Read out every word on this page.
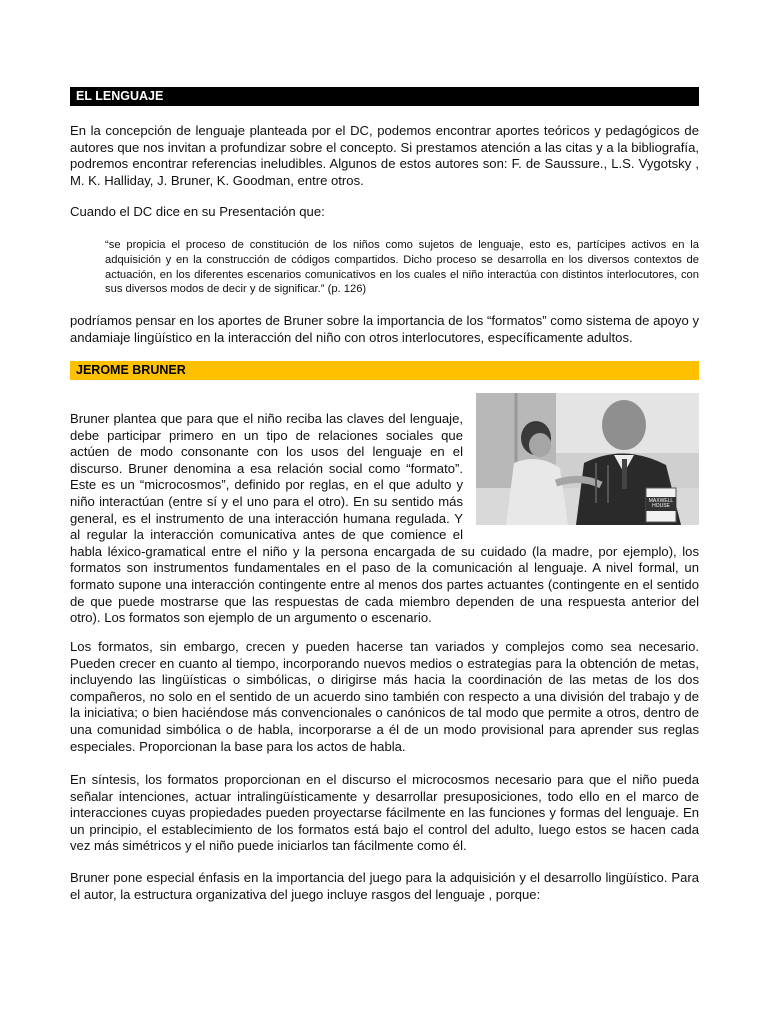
EL LENGUAJE

En la concepción de lenguaje planteada por el DC, podemos encontrar aportes teóricos y pedagógicos de autores que nos invitan a profundizar sobre el concepto. Si prestamos atención a las citas y a la bibliografía, podremos encontrar referencias ineludibles. Algunos de estos autores son: F. de Saussure., L.S. Vygotsky , M. K. Halliday, J. Bruner, K. Goodman, entre otros.

Cuando el DC dice en su Presentación que:

“se propicia el proceso de constitución de los niños como sujetos de lenguaje, esto es, partícipes activos en la adquisición y en la construcción de códigos compartidos. Dicho proceso se desarrolla en los diversos contextos de actuación, en los diferentes escenarios comunicativos en los cuales el niño interactúa con distintos interlocutores, con sus diversos modos de decir y de significar.” (p. 126)

podríamos pensar en los aportes de Bruner sobre la importancia de los “formatos” como sistema de apoyo y andamiaje lingüístico en la interacción del niño con otros interlocutores, específicamente adultos.

JEROME BRUNER
MAXWELL HOUSE

Bruner plantea que para que el niño reciba las claves del lenguaje, debe participar primero en un tipo de relaciones sociales que actúen de modo consonante con los usos del lenguaje en el discurso. Bruner denomina a esa relación social como “formato”. Este es un “microcosmos”, definido por reglas, en el que adulto y niño interactúan (entre sí y el uno para el otro). En su sentido más general, es el instrumento de una interacción humana regulada. Y al regular la interacción comunicativa antes de que comience el habla léxico-gramatical entre el niño y la persona encargada de su cuidado (la madre, por ejemplo), los formatos son instrumentos fundamentales en el paso de la comunicación al lenguaje. A nivel formal, un formato supone una interacción contingente entre al menos dos partes actuantes (contingente en el sentido de que puede mostrarse que las respuestas de cada miembro dependen de una respuesta anterior del otro). Los formatos son ejemplo de un argumento o escenario.

Los formatos, sin embargo, crecen y pueden hacerse tan variados y complejos como sea necesario. Pueden crecer en cuanto al tiempo, incorporando nuevos medios o estrategias para la obtención de metas, incluyendo las lingüísticas o simbólicas, o dirigirse más hacia la coordinación de las metas de los dos compañeros, no solo en el sentido de un acuerdo sino también con respecto a una división del trabajo y de la iniciativa; o bien haciéndose más convencionales o canónicos de tal modo que permite a otros, dentro de una comunidad simbólica o de habla, incorporarse a él de un modo provisional para aprender sus reglas especiales. Proporcionan la base para los actos de habla.

En síntesis, los formatos proporcionan en el discurso el microcosmos necesario para que el niño pueda señalar intenciones, actuar intralingüísticamente y desarrollar presuposiciones, todo ello en el marco de interacciones cuyas propiedades pueden proyectarse fácilmente en las funciones y formas del lenguaje. En un principio, el establecimiento de los formatos está bajo el control del adulto, luego estos se hacen cada vez más simétricos y el niño puede iniciarlos tan fácilmente como él.

Bruner pone especial énfasis en la importancia del juego para la adquisición y el desarrollo lingüístico. Para el autor, la estructura organizativa del juego incluye rasgos del lenguaje , porque:
